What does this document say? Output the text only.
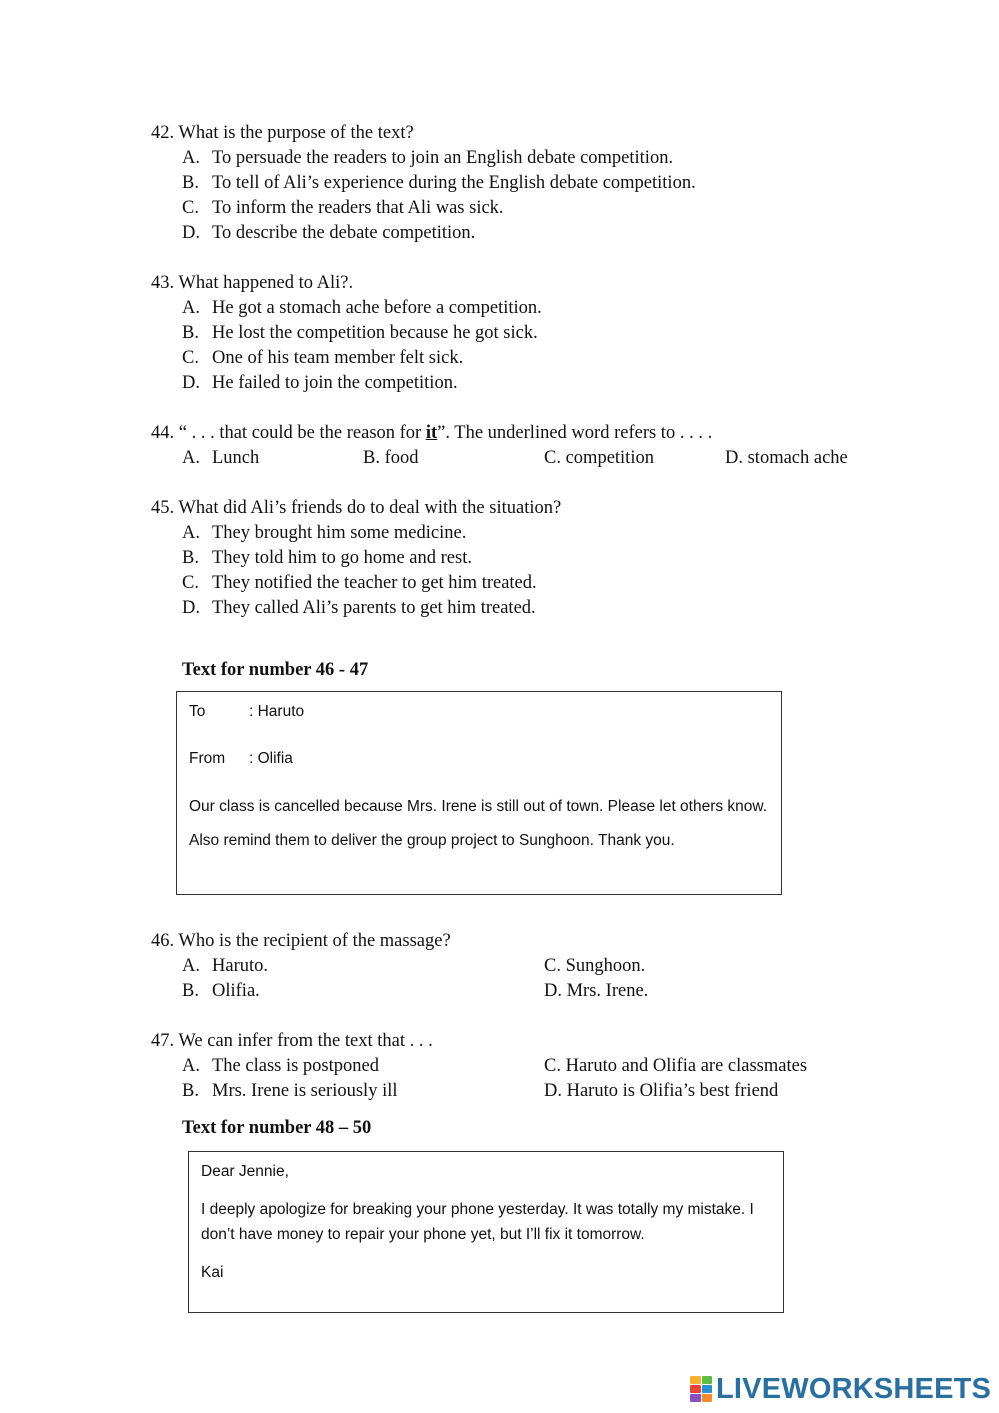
42. What is the purpose of the text?
A. To persuade the readers to join an English debate competition.
B. To tell of Ali’s experience during the English debate competition.
C. To inform the readers that Ali was sick.
D. To describe the debate competition.
43. What happened to Ali?.
A. He got a stomach ache before a competition.
B. He lost the competition because he got sick.
C. One of his team member felt sick.
D. He failed to join the competition.
44. “ . . . that could be the reason for it”. The underlined word refers to . . . .
A. Lunch	B. food	C. competition	D. stomach ache
45. What did Ali’s friends do to deal with the situation?
A. They brought him some medicine.
B. They told him to go home and rest.
C. They notified the teacher to get him treated.
D. They called Ali’s parents to get him treated.
Text for number 46 - 47
To	: Haruto
From : Olifia
Our class is cancelled because Mrs. Irene is still out of town. Please let others know. Also remind them to deliver the group project to Sunghoon. Thank you.
46. Who is the recipient of the massage?
A. Haruto.	C. Sunghoon.
B. Olifia.	D. Mrs. Irene.
47. We can infer from the text that . . .
A. The class is postponed	C. Haruto and Olifia are classmates
B. Mrs. Irene is seriously ill	D. Haruto is Olifia’s best friend
Text for number 48 – 50
Dear Jennie,
I deeply apologize for breaking your phone yesterday. It was totally my mistake. I don’t have money to repair your phone yet, but I’ll fix it tomorrow.
Kai
LIVEWORKSHEETS
